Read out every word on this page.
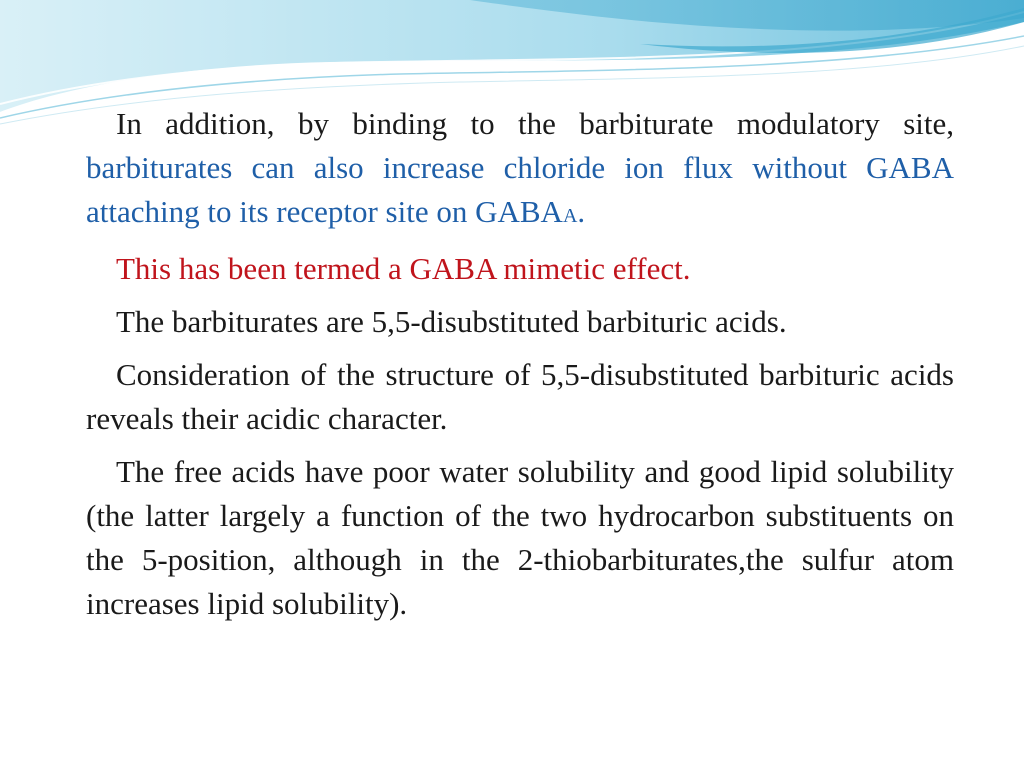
In addition, by binding to the barbiturate modulatory site, barbiturates can also increase chloride ion flux without GABA attaching to its receptor site on GABAA.

This has been termed a GABA mimetic effect.

The barbiturates are 5,5-disubstituted barbituric acids.

Consideration of the structure of 5,5-disubstituted barbituric acids reveals their acidic character.

The free acids have poor water solubility and good lipid solubility (the latter largely a function of the two hydrocarbon substituents on the 5-position, although in the 2-thiobarbiturates,the sulfur atom increases lipid solubility).
